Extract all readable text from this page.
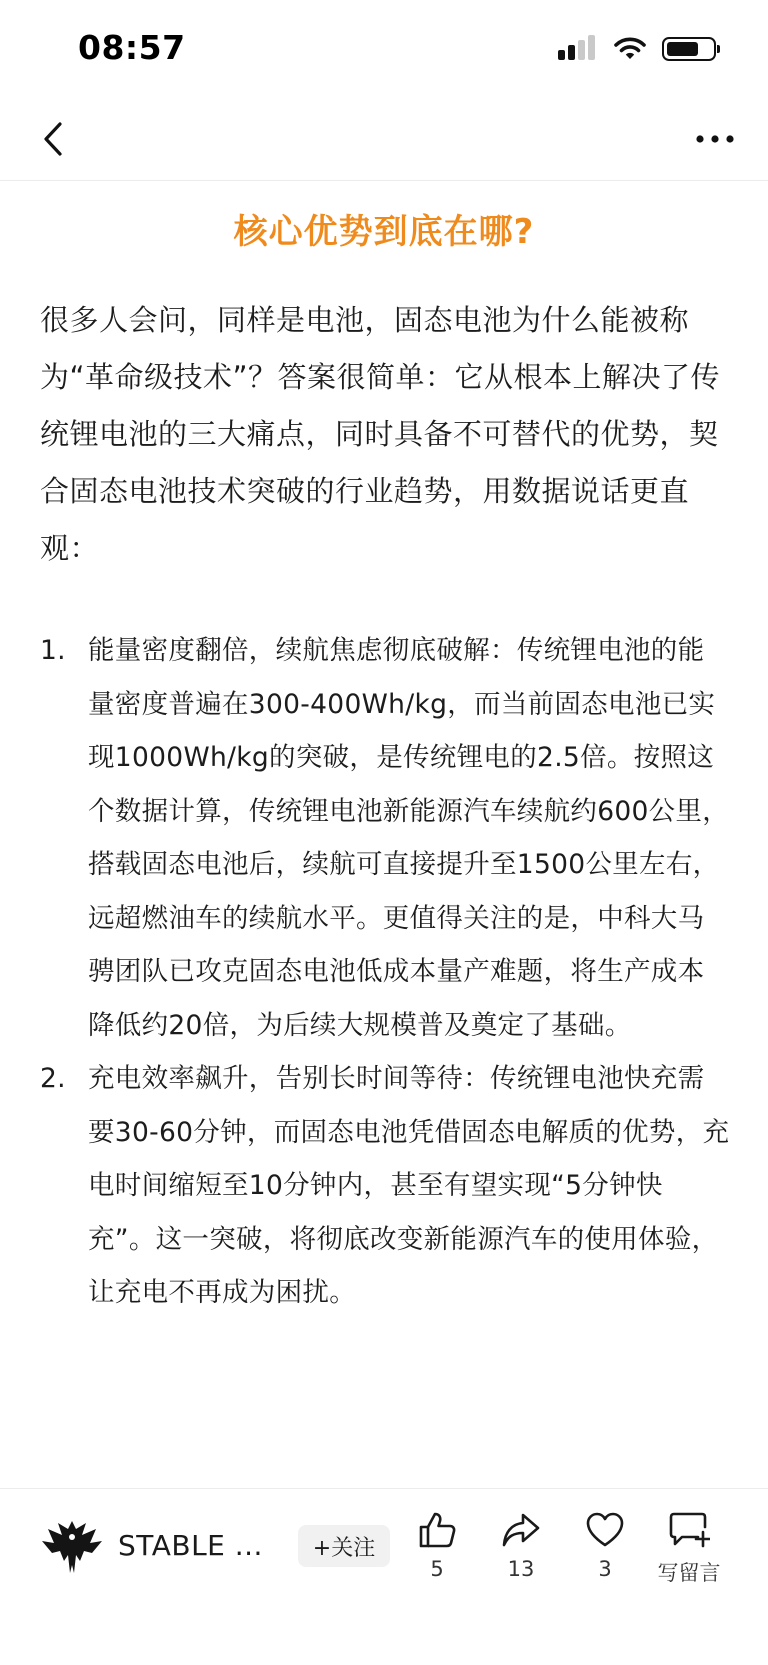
08:57
核心优势到底在哪?

很多人会问，同样是电池，固态电池为什么能被称为“革命级技术”？答案很简单：它从根本上解决了传统锂电池的三大痛点，同时具备不可替代的优势，契合固态电池技术突破的行业趋势，用数据说话更直观：

1. 能量密度翻倍，续航焦虑彻底破解：传统锂电池的能量密度普遍在300-400Wh/kg，而当前固态电池已实现1000Wh/kg的突破，是传统锂电的2.5倍。按照这个数据计算，传统锂电池新能源汽车续航约600公里，搭载固态电池后，续航可直接提升至1500公里左右，远超燃油车的续航水平。更值得关注的是，中科大马骋团队已攻克固态电池低成本量产难题，将生产成本降低约20倍，为后续大规模普及奠定了基础。
2. 充电效率飙升，告别长时间等待：传统锂电池快充需要30-60分钟，而固态电池凭借固态电解质的优势，充电时间缩短至10分钟内，甚至有望实现“5分钟快充”。这一突破，将彻底改变新能源汽车的使用体验，让充电不再成为困扰。
STABLE ...	+关注
5	13	3	写留言
